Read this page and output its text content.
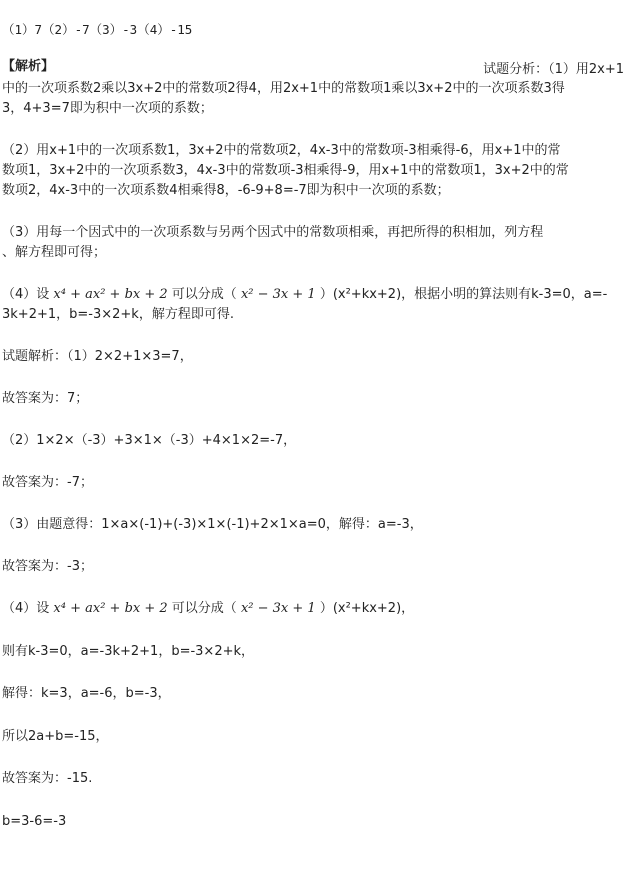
（1）7（2）-7（3）-3（4）-15
【解析】	试题分析：（1）用2x+1
中的一次项系数2乘以3x+2中的常数项2得4，用2x+1中的常数项1乘以3x+2中的一次项系数3得
3，4+3=7即为积中一次项的系数；
（2）用x+1中的一次项系数1，3x+2中的常数项2，4x-3中的常数项-3相乘得-6，用x+1中的常
数项1，3x+2中的一次项系数3，4x-3中的常数项-3相乘得-9，用x+1中的常数项1，3x+2中的常
数项2，4x-3中的一次项系数4相乘得8，-6-9+8=-7即为积中一次项的系数；
（3）用每一个因式中的一次项系数与另两个因式中的常数项相乘，再把所得的积相加，列方程
、解方程即可得；
（4）设 x⁴ + ax² + bx + 2 可以分成（ x² − 3x + 1 ）(x²+kx+2)，根据小明的算法则有k-3=0，a=-
3k+2+1，b=-3×2+k，解方程即可得.
试题解析：（1）2×2+1×3=7，
故答案为：7；
（2）1×2×（-3）+3×1×（-3）+4×1×2=-7，
故答案为：-7；
（3）由题意得：1×a×(-1)+(-3)×1×(-1)+2×1×a=0，解得：a=-3，
故答案为：-3；
（4）设 x⁴ + ax² + bx + 2 可以分成（ x² − 3x + 1 ）(x²+kx+2)，
则有k-3=0，a=-3k+2+1，b=-3×2+k，
解得：k=3，a=-6，b=-3，
所以2a+b=-15，
故答案为：-15.
b=3-6=-3
